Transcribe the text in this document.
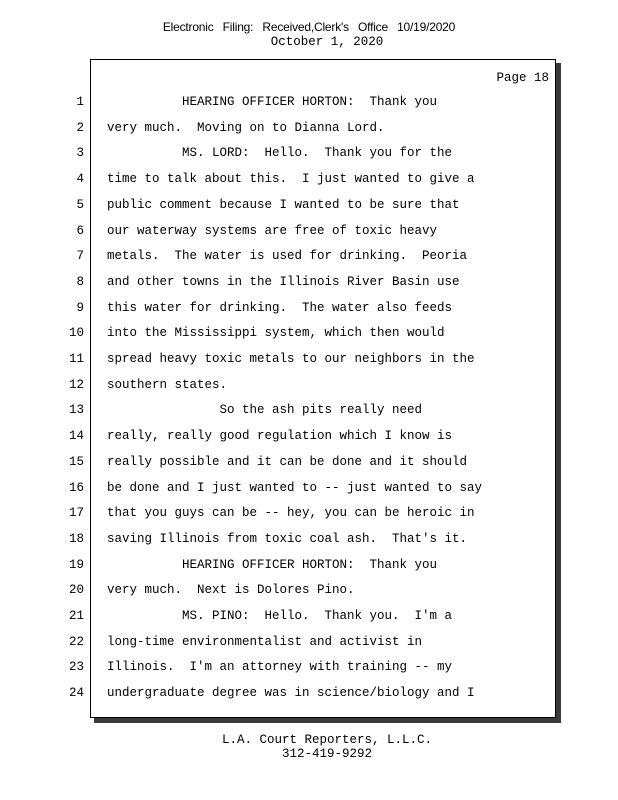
Electronic Filing: Received,Clerk's Office 10/19/2020
October 1, 2020
Page 18
1 HEARING OFFICER HORTON:  Thank you
2 very much.  Moving on to Dianna Lord.
3 MS. LORD:  Hello.  Thank you for the
4 time to talk about this.  I just wanted to give a
5 public comment because I wanted to be sure that
6 our waterway systems are free of toxic heavy
7 metals.  The water is used for drinking.  Peoria
8 and other towns in the Illinois River Basin use
9 this water for drinking.  The water also feeds
10 into the Mississippi system, which then would
11 spread heavy toxic metals to our neighbors in the
12 southern states.
13 So the ash pits really need
14 really, really good regulation which I know is
15 really possible and it can be done and it should
16 be done and I just wanted to -- just wanted to say
17 that you guys can be -- hey, you can be heroic in
18 saving Illinois from toxic coal ash.  That's it.
19 HEARING OFFICER HORTON:  Thank you
20 very much.  Next is Dolores Pino.
21 MS. PINO:  Hello.  Thank you.  I'm a
22 long-time environmentalist and activist in
23 Illinois.  I'm an attorney with training -- my
24 undergraduate degree was in science/biology and I
L.A. Court Reporters, L.L.C.
312-419-9292
